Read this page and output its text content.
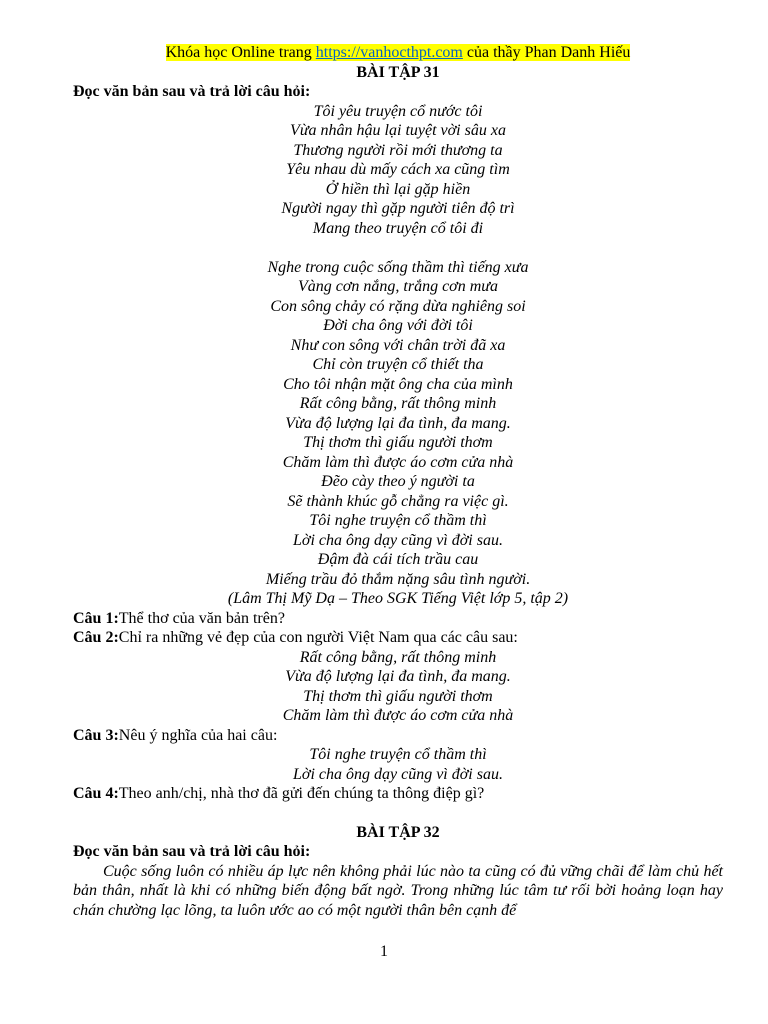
Khóa học Online trang https://vanhocthpt.com của thầy Phan Danh Hiếu
BÀI TẬP 31
Đọc văn bản sau và trả lời câu hỏi:
Tôi yêu truyện cổ nước tôi
Vừa nhân hậu lại tuyệt vời sâu xa
Thương người rồi mới thương ta
Yêu nhau dù mấy cách xa cũng tìm
Ở hiền thì lại gặp hiền
Người ngay thì gặp người tiên độ trì
Mang theo truyện cổ tôi đi
Nghe trong cuộc sống thầm thì tiếng xưa
Vàng cơn nắng, trắng cơn mưa
Con sông chảy có rặng dừa nghiêng soi
Đời cha ông với đời tôi
Như con sông với chân trời đã xa
Chỉ còn truyện cổ thiết tha
Cho tôi nhận mặt ông cha của mình
Rất công bằng, rất thông minh
Vừa độ lượng lại đa tình, đa mang.
Thị thơm thì giấu người thơm
Chăm làm thì được áo cơm cửa nhà
Đẽo cày theo ý người ta
Sẽ thành khúc gỗ chẳng ra việc gì.
Tôi nghe truyện cổ thầm thì
Lời cha ông dạy cũng vì đời sau.
Đậm đà cái tích trầu cau
Miếng trầu đỏ thắm nặng sâu tình người.
(Lâm Thị Mỹ Dạ – Theo SGK Tiếng Việt lớp 5, tập 2)
Câu 1:Thể thơ của văn bản trên?
Câu 2:Chỉ ra những vẻ đẹp của con người Việt Nam qua các câu sau:
Rất công bằng, rất thông minh
Vừa độ lượng lại đa tình, đa mang.
Thị thơm thì giấu người thơm
Chăm làm thì được áo cơm cửa nhà
Câu 3:Nêu ý nghĩa của hai câu:
Tôi nghe truyện cổ thầm thì
Lời cha ông dạy cũng vì đời sau.
Câu 4:Theo anh/chị, nhà thơ đã gửi đến chúng ta thông điệp gì?
BÀI TẬP 32
Đọc văn bản sau và trả lời câu hỏi:
Cuộc sống luôn có nhiều áp lực nên không phải lúc nào ta cũng có đủ vững chãi để làm chủ hết bản thân, nhất là khi có những biến động bất ngờ. Trong những lúc tâm tư rối bời hoảng loạn hay chán chường lạc lõng, ta luôn ước ao có một người thân bên cạnh để
1
